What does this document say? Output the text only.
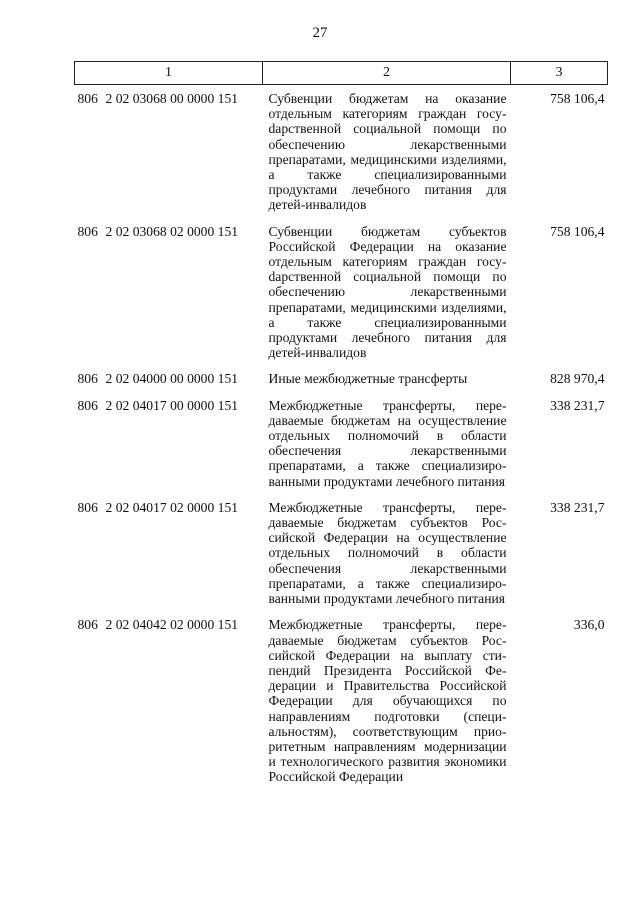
27
1	2	3
806 2 02 03068 00 0000 151	Субвенции бюджетам на оказание отдельным категориям граждан госуdарственной социальной помощи по обеспечению лекарственными препаратами, медицинскими изделиями, а также специализированными продуктами лечебного питания для детей-инвалидов	758 106,4
806 2 02 03068 02 0000 151	Субвенции бюджетам субъектов Российской Федерации на оказание отдельным категориям граждан госуdарственной социальной помощи по обеспечению лекарственными препаратами, медицинскими изделиями, а также специализированными продуктами лечебного питания для детей-инвалидов	758 106,4
806 2 02 04000 00 0000 151	Иные межбюджетные трансферты	828 970,4
806 2 02 04017 00 0000 151	Межбюджетные трансферты, передаваемые бюджетам на осуществление отдельных полномочий в области обеспечения лекарственными препаратами, а также специализированными продуктами лечебного питания	338 231,7
806 2 02 04017 02 0000 151	Межбюджетные трансферты, передаваемые бюджетам субъектов Российской Федерации на осуществление отдельных полномочий в области обеспечения лекарственными препаратами, а также специализированными продуктами лечебного питания	338 231,7
806 2 02 04042 02 0000 151	Межбюджетные трансферты, передаваемые бюджетам субъектов Российской Федерации на выплату стипендий Президента Российской Федерации и Правительства Российской Федерации для обучающихся по направлениям подготовки (специальностям), соответствующим приоритетным направлениям модернизации и технологического развития экономики Российской Федерации	336,0
